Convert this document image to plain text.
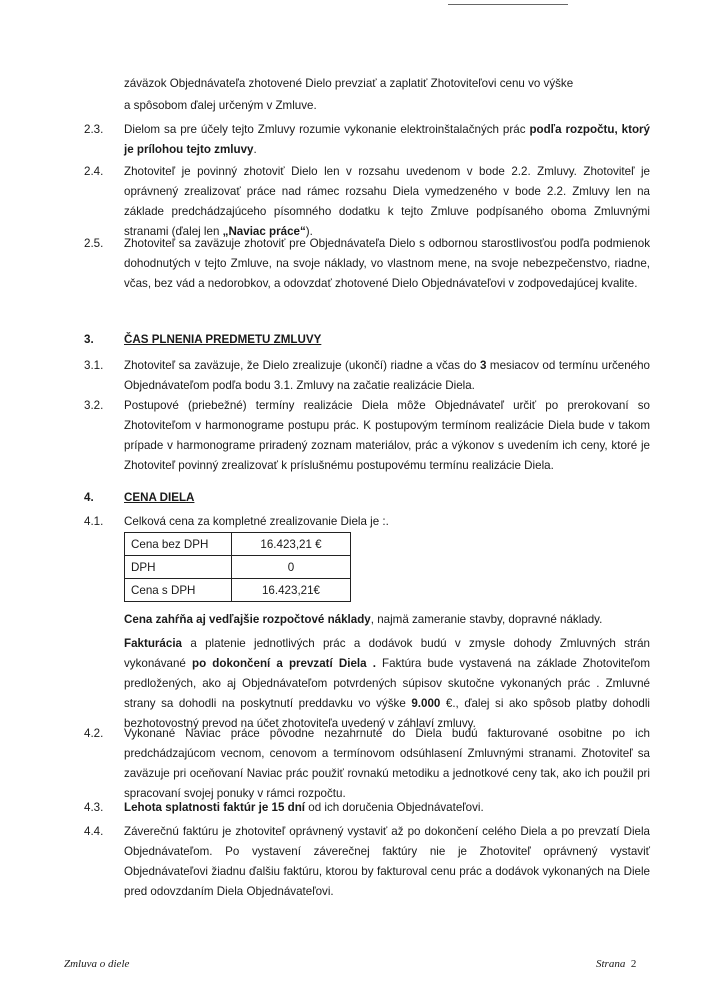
záväzok Objednávateľa zhotovené Dielo prevziať a zaplatiť Zhotoviteľovi cenu vo výške

a spôsobom ďalej určeným v Zmluve.

2.3. Dielom sa pre účely tejto Zmluvy rozumie vykonanie elektroinštalačných prác podľa rozpočtu, ktorý je prílohou tejto zmluvy.
2.4. Zhotoviteľ je povinný zhotoviť Dielo len v rozsahu uvedenom v bode 2.2. Zmluvy. Zhotoviteľ je oprávnený zrealizovať práce nad rámec rozsahu Diela vymedzeného v bode 2.2. Zmluvy len na základe predchádzajúceho písomného dodatku k tejto Zmluve podpísaného oboma Zmluvnými stranami (ďalej len „Naviac práce“).
2.5. Zhotoviteľ sa zaväzuje zhotoviť pre Objednávateľa Dielo s odbornou starostlivosťou podľa podmienok dohodnutých v tejto Zmluve, na svoje náklady, vo vlastnom mene, na svoje nebezpečenstvo, riadne, včas, bez vád a nedorobkov, a odovzdať zhotovené Dielo Objednávateľovi v zodpovedajúcej kvalite.
3.	ČAS PLNENIA PREDMETU ZMLUVY
3.1. Zhotoviteľ sa zaväzuje, že Dielo zrealizuje (ukončí) riadne a včas do 3 mesiacov od termínu určeného Objednávateľom podľa bodu 3.1. Zmluvy na začatie realizácie Diela.
3.2. Postupové (priebežné) termíny realizácie Diela môže Objednávateľ určiť po prerokovaní so Zhotoviteľom v harmonograme postupu prác. K postupovým termínom realizácie Diela bude v takom prípade v harmonograme priradený zoznam materiálov, prác a výkonov s uvedením ich ceny, ktoré je Zhotoviteľ povinný zrealizovať k príslušnému postupovému termínu realizácie Diela.
4.	CENA DIELA
4.1. Celková cena za kompletné zrealizovanie Diela je :.

Cena bez DPH	16.423,21 €
DPH	0
Cena s DPH	16.423,21€
Cena zahŕňa aj vedľajšie rozpočtové náklady, najmä zameranie stavby, dopravné náklady.
Fakturácia a platenie jednotlivých prác a dodávok budú v zmysle dohody Zmluvných strán vykonávané po dokončení a prevzatí Diela . Faktúra bude vystavená na základe Zhotoviteľom predložených, ako aj Objednávateľom potvrdených súpisov skutočne vykonaných prác . Zmluvné strany sa dohodli na poskytnutí preddavku vo výške 9.000 €., ďalej si ako spôsob platby dohodli bezhotovostný prevod na účet zhotoviteľa uvedený v záhlaví zmluvy.
4.2. Vykonané Naviac práce pôvodne nezahrnuté do Diela budú fakturované osobitne po ich predchádzajúcom vecnom, cenovom a termínovom odsúhlasení Zmluvnými stranami. Zhotoviteľ sa zaväzuje pri oceňovaní Naviac prác použiť rovnakú metodiku a jednotkové ceny tak, ako ich použil pri spracovaní svojej ponuky v rámci rozpočtu.
4.3. Lehota splatnosti faktúr je 15 dní od ich doručenia Objednávateľovi.
4.4. Záverečnú faktúru je zhotoviteľ oprávnený vystaviť až po dokončení celého Diela a po prevzatí Diela Objednávateľom. Po vystavení záverečnej faktúry nie je Zhotoviteľ oprávnený vystaviť Objednávateľovi žiadnu ďalšiu faktúru, ktorou by fakturoval cenu prác a dodávok vykonaných na Diele pred odovzdaním Diela Objednávateľovi.
Zmluva o diele	Strana 2
